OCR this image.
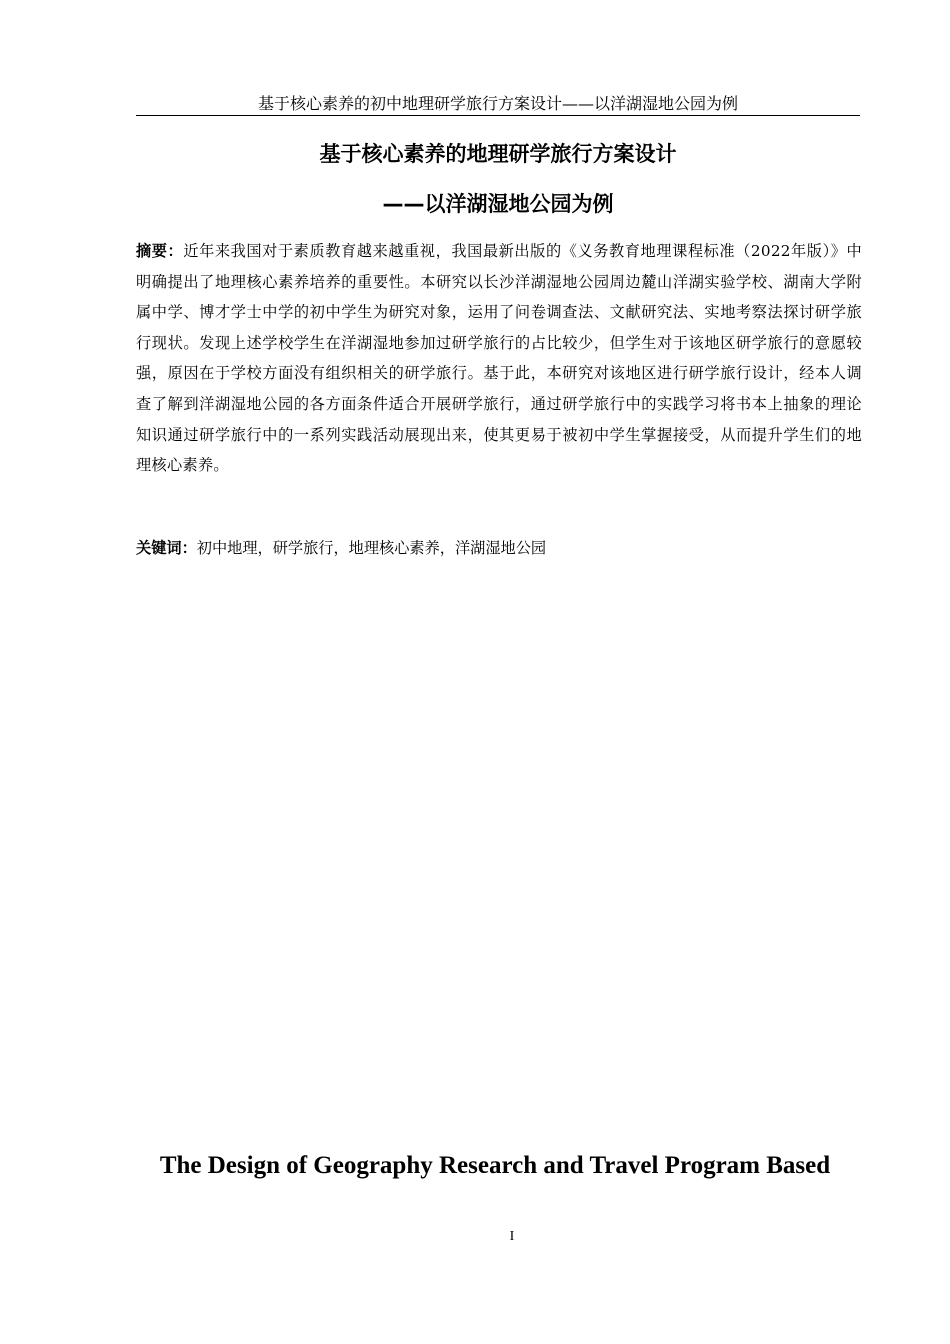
基于核心素养的初中地理研学旅行方案设计——以洋湖湿地公园为例
基于核心素养的地理研学旅行方案设计
——以洋湖湿地公园为例
摘要：近年来我国对于素质教育越来越重视，我国最新出版的《义务教育地理课程标准（2022年版）》中明确提出了地理核心素养培养的重要性。本研究以长沙洋湖湿地公园周边麓山洋湖实验学校、湖南大学附属中学、博才学士中学的初中学生为研究对象，运用了问卷调查法、文献研究法、实地考察法探讨研学旅行现状。发现上述学校学生在洋湖湿地参加过研学旅行的占比较少，但学生对于该地区研学旅行的意愿较强，原因在于学校方面没有组织相关的研学旅行。基于此，本研究对该地区进行研学旅行设计，经本人调查了解到洋湖湿地公园的各方面条件适合开展研学旅行，通过研学旅行中的实践学习将书本上抽象的理论知识通过研学旅行中的一系列实践活动展现出来，使其更易于被初中学生掌握接受，从而提升学生们的地理核心素养。
关键词：初中地理，研学旅行，地理核心素养，洋湖湿地公园
The Design of Geography Research and Travel Program Based
I
